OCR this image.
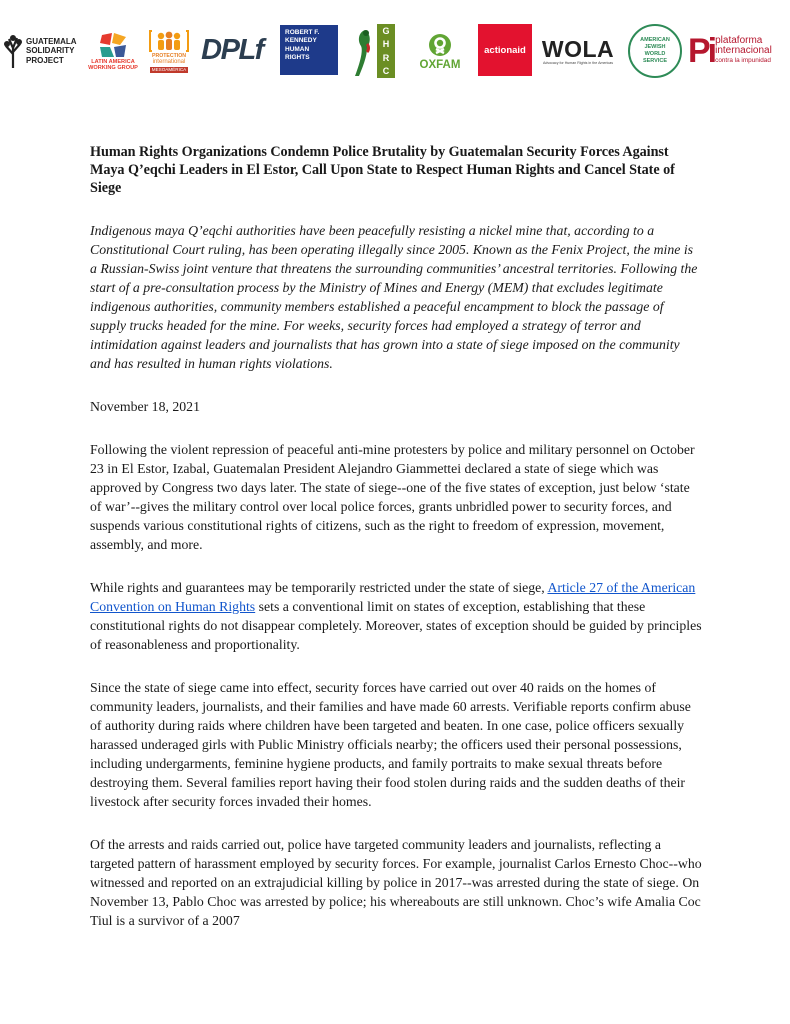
GUATEMALA
SOLIDARITY
PROJECT	LATIN AMERICA
WORKING GROUP
PROTECTION
international
MESOAMÉRICA
DPLf
ROBERT F.
KENNEDY
HUMAN
RIGHTS
G
H
R
C
OXFAM
actionaid WOLA
Advocacy for Human Rights in the Americas
AMERICAN
JEWISH
WORLD
SERVICE Pi plataforma
internacional
contra la impunidad
Human Rights Organizations Condemn Police Brutality by Guatemalan Security Forces Against Maya Q’eqchi Leaders in El Estor, Call Upon State to Respect Human Rights and Cancel State of Siege

Indigenous maya Q’eqchi authorities have been peacefully resisting a nickel mine that, according to a Constitutional Court ruling, has been operating illegally since 2005. Known as the Fenix Project, the mine is a Russian-Swiss joint venture that threatens the surrounding communities’ ancestral territories. Following the start of a pre-consultation process by the Ministry of Mines and Energy (MEM) that excludes legitimate indigenous authorities, community members established a peaceful encampment to block the passage of supply trucks headed for the mine. For weeks, security forces had employed a strategy of terror and intimidation against leaders and journalists that has grown into a state of siege imposed on the community and has resulted in human rights violations.

November 18, 2021

Following the violent repression of peaceful anti-mine protesters by police and military personnel on October 23 in El Estor, Izabal, Guatemalan President Alejandro Giammettei declared a state of siege which was approved by Congress two days later. The state of siege--one of the five states of exception, just below ‘state of war’--gives the military control over local police forces, grants unbridled power to security forces, and suspends various constitutional rights of citizens, such as the right to freedom of expression, movement, assembly, and more.

While rights and guarantees may be temporarily restricted under the state of siege, Article 27 of the American Convention on Human Rights sets a conventional limit on states of exception, establishing that these constitutional rights do not disappear completely. Moreover, states of exception should be guided by principles of reasonableness and proportionality.

Since the state of siege came into effect, security forces have carried out over 40 raids on the homes of community leaders, journalists, and their families and have made 60 arrests. Verifiable reports confirm abuse of authority during raids where children have been targeted and beaten. In one case, police officers sexually harassed underaged girls with Public Ministry officials nearby; the officers used their personal possessions, including undergarments, feminine hygiene products, and family portraits to make sexual threats before destroying them. Several families report having their food stolen during raids and the sudden deaths of their livestock after security forces invaded their homes.

Of the arrests and raids carried out, police have targeted community leaders and journalists, reflecting a targeted pattern of harassment employed by security forces. For example, journalist Carlos Ernesto Choc--who witnessed and reported on an extrajudicial killing by police in 2017--was arrested during the state of siege. On November 13, Pablo Choc was arrested by police; his whereabouts are still unknown. Choc’s wife Amalia Coc Tiul is a survivor of a 2007
